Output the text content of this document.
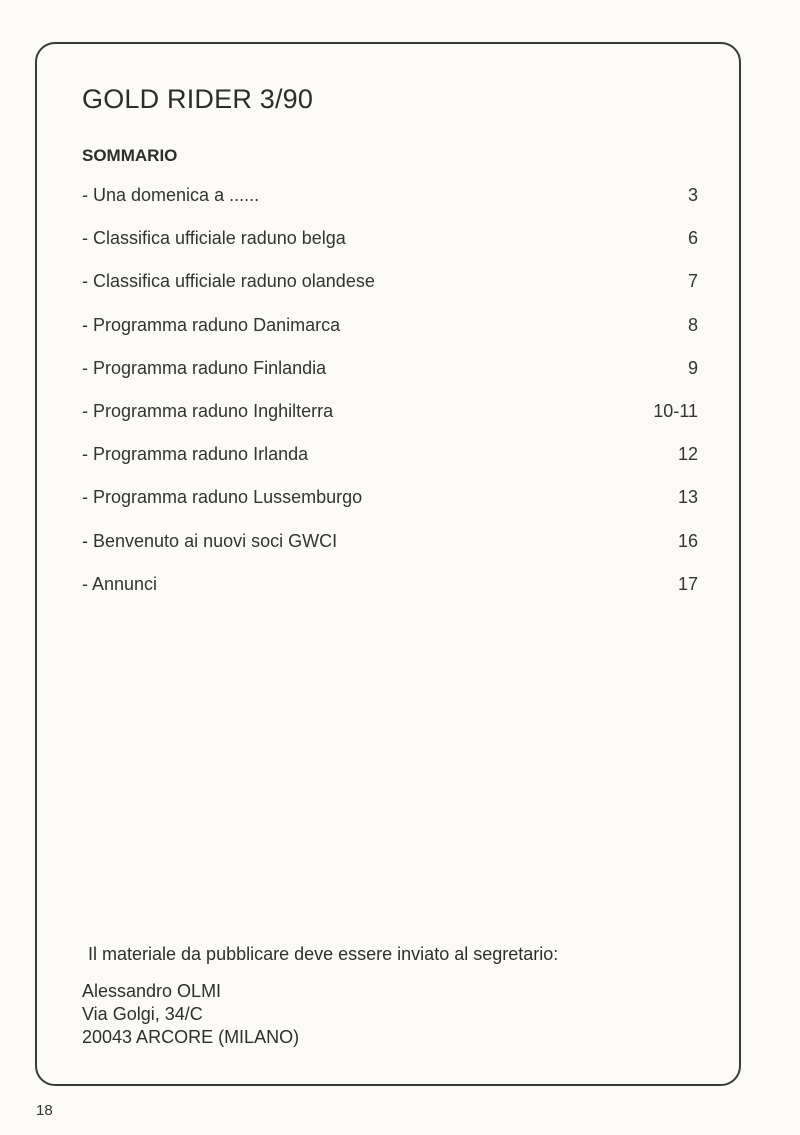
GOLD RIDER 3/90
SOMMARIO
- Una domenica a ......	3
- Classifica ufficiale raduno belga	6
- Classifica ufficiale raduno olandese	7
- Programma raduno Danimarca	8
- Programma raduno Finlandia	9
- Programma raduno Inghilterra	10-11
- Programma raduno Irlanda	12
- Programma raduno Lussemburgo	13
- Benvenuto ai nuovi soci GWCI	16
- Annunci	17

Il materiale da pubblicare deve essere inviato al segretario:

Alessandro OLMI
Via Golgi, 34/C
20043 ARCORE (MILANO)
18
